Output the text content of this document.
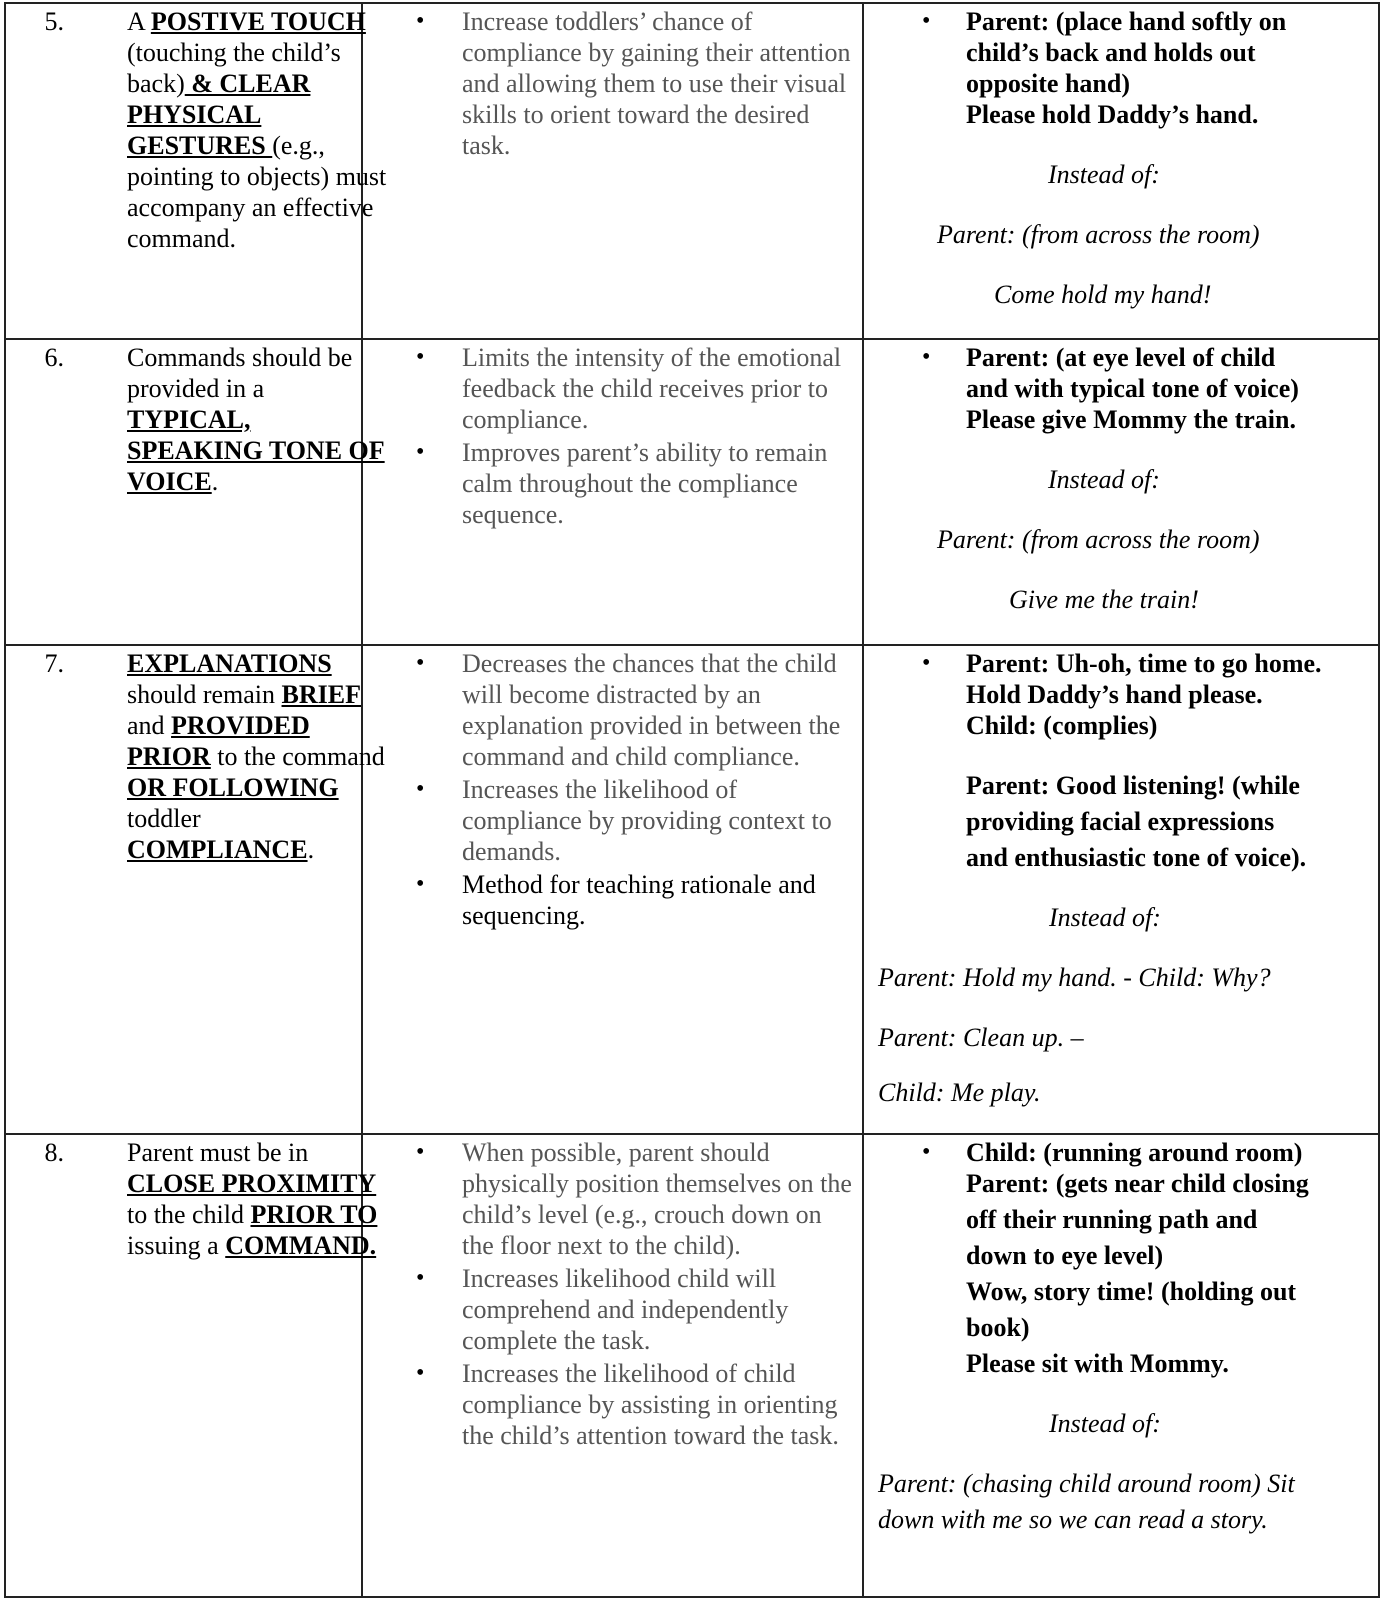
5. A POSTIVE TOUCH (touching the child’s back) & CLEAR PHYSICAL GESTURES (e.g., pointing to objects) must accompany an effective command.
• Increase toddlers’ chance of compliance by gaining their attention and allowing them to use their visual skills to orient toward the desired task.
• Parent: (place hand softly on
child’s back and holds out
opposite hand)
Please hold Daddy’s hand.
Instead of:
Parent: (from across the room)
Come hold my hand!
6. Commands should be provided in a TYPICAL, SPEAKING TONE OF VOICE.
• Limits the intensity of the emotional feedback the child receives prior to compliance.
• Improves parent’s ability to remain calm throughout the compliance sequence.
• Parent: (at eye level of child
and with typical tone of voice)
Please give Mommy the train.
Instead of:
Parent: (from across the room)
Give me the train!
7. EXPLANATIONS should remain BRIEF and PROVIDED PRIOR to the command OR FOLLOWING toddler COMPLIANCE.
• Decreases the chances that the child will become distracted by an explanation provided in between the command and child compliance.
• Increases the likelihood of compliance by providing context to demands.
• Method for teaching rationale and sequencing.
• Parent: Uh-oh, time to go home.
Hold Daddy’s hand please.
Child: (complies)
Parent: Good listening! (while
providing facial expressions
and enthusiastic tone of voice).
Instead of:
Parent: Hold my hand. - Child: Why?
Parent: Clean up. –
Child: Me play.
8. Parent must be in CLOSE PROXIMITY to the child PRIOR TO issuing a COMMAND.
• When possible, parent should physically position themselves on the child’s level (e.g., crouch down on the floor next to the child).
• Increases likelihood child will comprehend and independently complete the task.
• Increases the likelihood of child compliance by assisting in orienting the child’s attention toward the task.
• Child: (running around room)
Parent: (gets near child closing
off their running path and
down to eye level)
Wow, story time! (holding out
book)
Please sit with Mommy.
Instead of:
Parent: (chasing child around room) Sit
down with me so we can read a story.
